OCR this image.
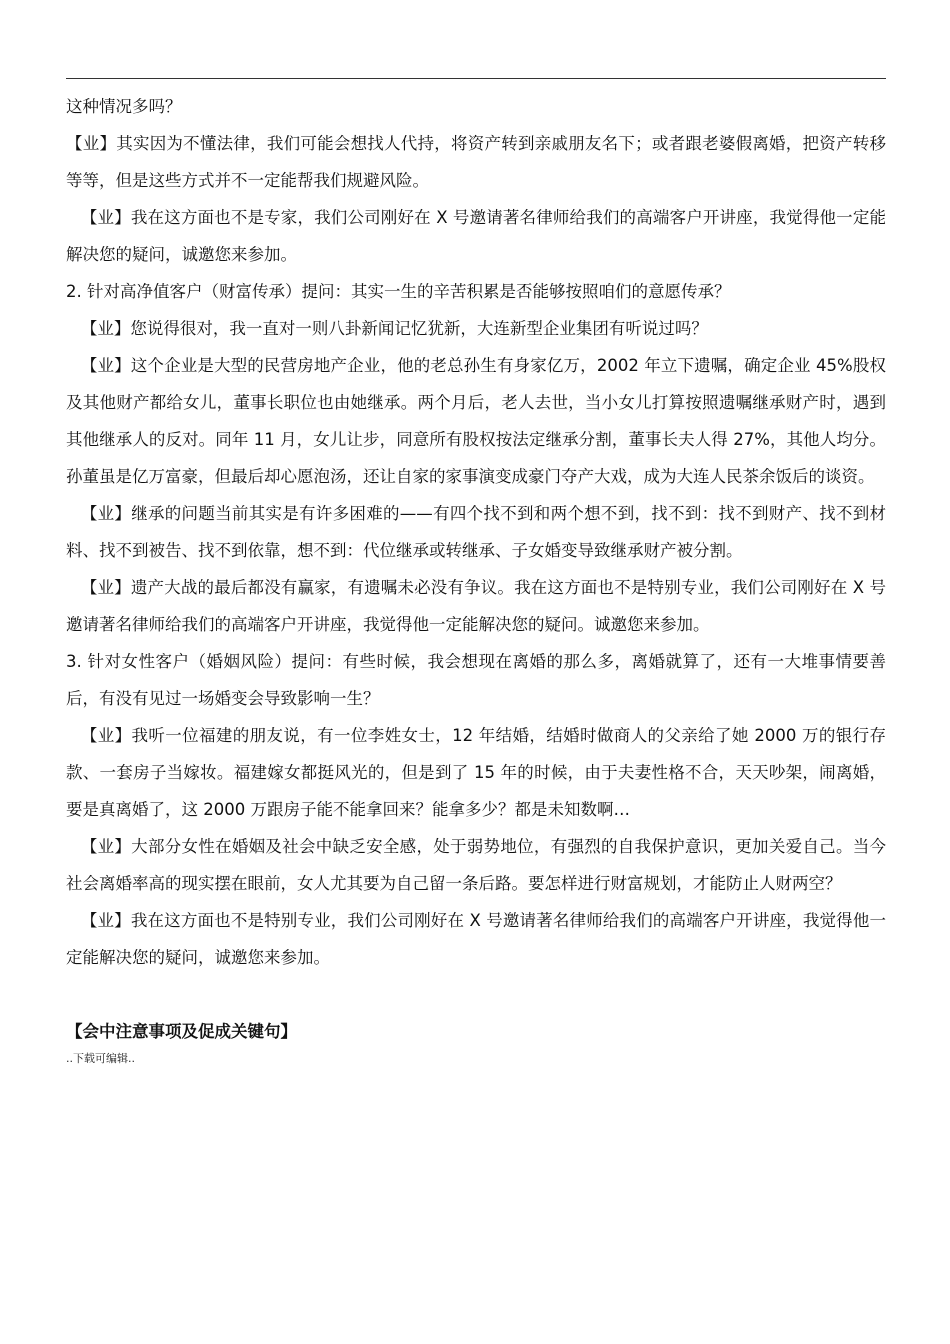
这种情况多吗？

【业】其实因为不懂法律，我们可能会想找人代持，将资产转到亲戚朋友名下；或者跟老婆假离婚，把资产转移等等，但是这些方式并不一定能帮我们规避风险。

【业】我在这方面也不是专家，我们公司刚好在 X 号邀请著名律师给我们的高端客户开讲座，我觉得他一定能解决您的疑问，诚邀您来参加。

2. 针对高净值客户（财富传承）提问：其实一生的辛苦积累是否能够按照咱们的意愿传承？

【业】您说得很对，我一直对一则八卦新闻记忆犹新，大连新型企业集团有听说过吗？

【业】这个企业是大型的民营房地产企业，他的老总孙生有身家亿万，2002 年立下遗嘱，确定企业 45%股权及其他财产都给女儿，董事长职位也由她继承。两个月后，老人去世，当小女儿打算按照遗嘱继承财产时，遇到其他继承人的反对。同年 11 月，女儿让步，同意所有股权按法定继承分割，董事长夫人得 27%，其他人均分。孙董虽是亿万富豪，但最后却心愿泡汤，还让自家的家事演变成豪门夺产大戏，成为大连人民茶余饭后的谈资。

【业】继承的问题当前其实是有许多困难的——有四个找不到和两个想不到，找不到：找不到财产、找不到材料、找不到被告、找不到依靠，想不到：代位继承或转继承、子女婚变导致继承财产被分割。

【业】遗产大战的最后都没有赢家，有遗嘱未必没有争议。我在这方面也不是特别专业，我们公司刚好在 X 号邀请著名律师给我们的高端客户开讲座，我觉得他一定能解决您的疑问。诚邀您来参加。

3. 针对女性客户（婚姻风险）提问：有些时候，我会想现在离婚的那么多，离婚就算了，还有一大堆事情要善后，有没有见过一场婚变会导致影响一生？

【业】我听一位福建的朋友说，有一位李姓女士，12 年结婚，结婚时做商人的父亲给了她 2000 万的银行存款、一套房子当嫁妆。福建嫁女都挺风光的，但是到了 15 年的时候，由于夫妻性格不合，天天吵架，闹离婚，要是真离婚了，这 2000 万跟房子能不能拿回来？能拿多少？都是未知数啊…

【业】大部分女性在婚姻及社会中缺乏安全感，处于弱势地位，有强烈的自我保护意识，更加关爱自己。当今社会离婚率高的现实摆在眼前，女人尤其要为自己留一条后路。要怎样进行财富规划，才能防止人财两空？

【业】我在这方面也不是特别专业，我们公司刚好在 X 号邀请著名律师给我们的高端客户开讲座，我觉得他一定能解决您的疑问，诚邀您来参加。

【会中注意事项及促成关键句】

..下载可编辑..
